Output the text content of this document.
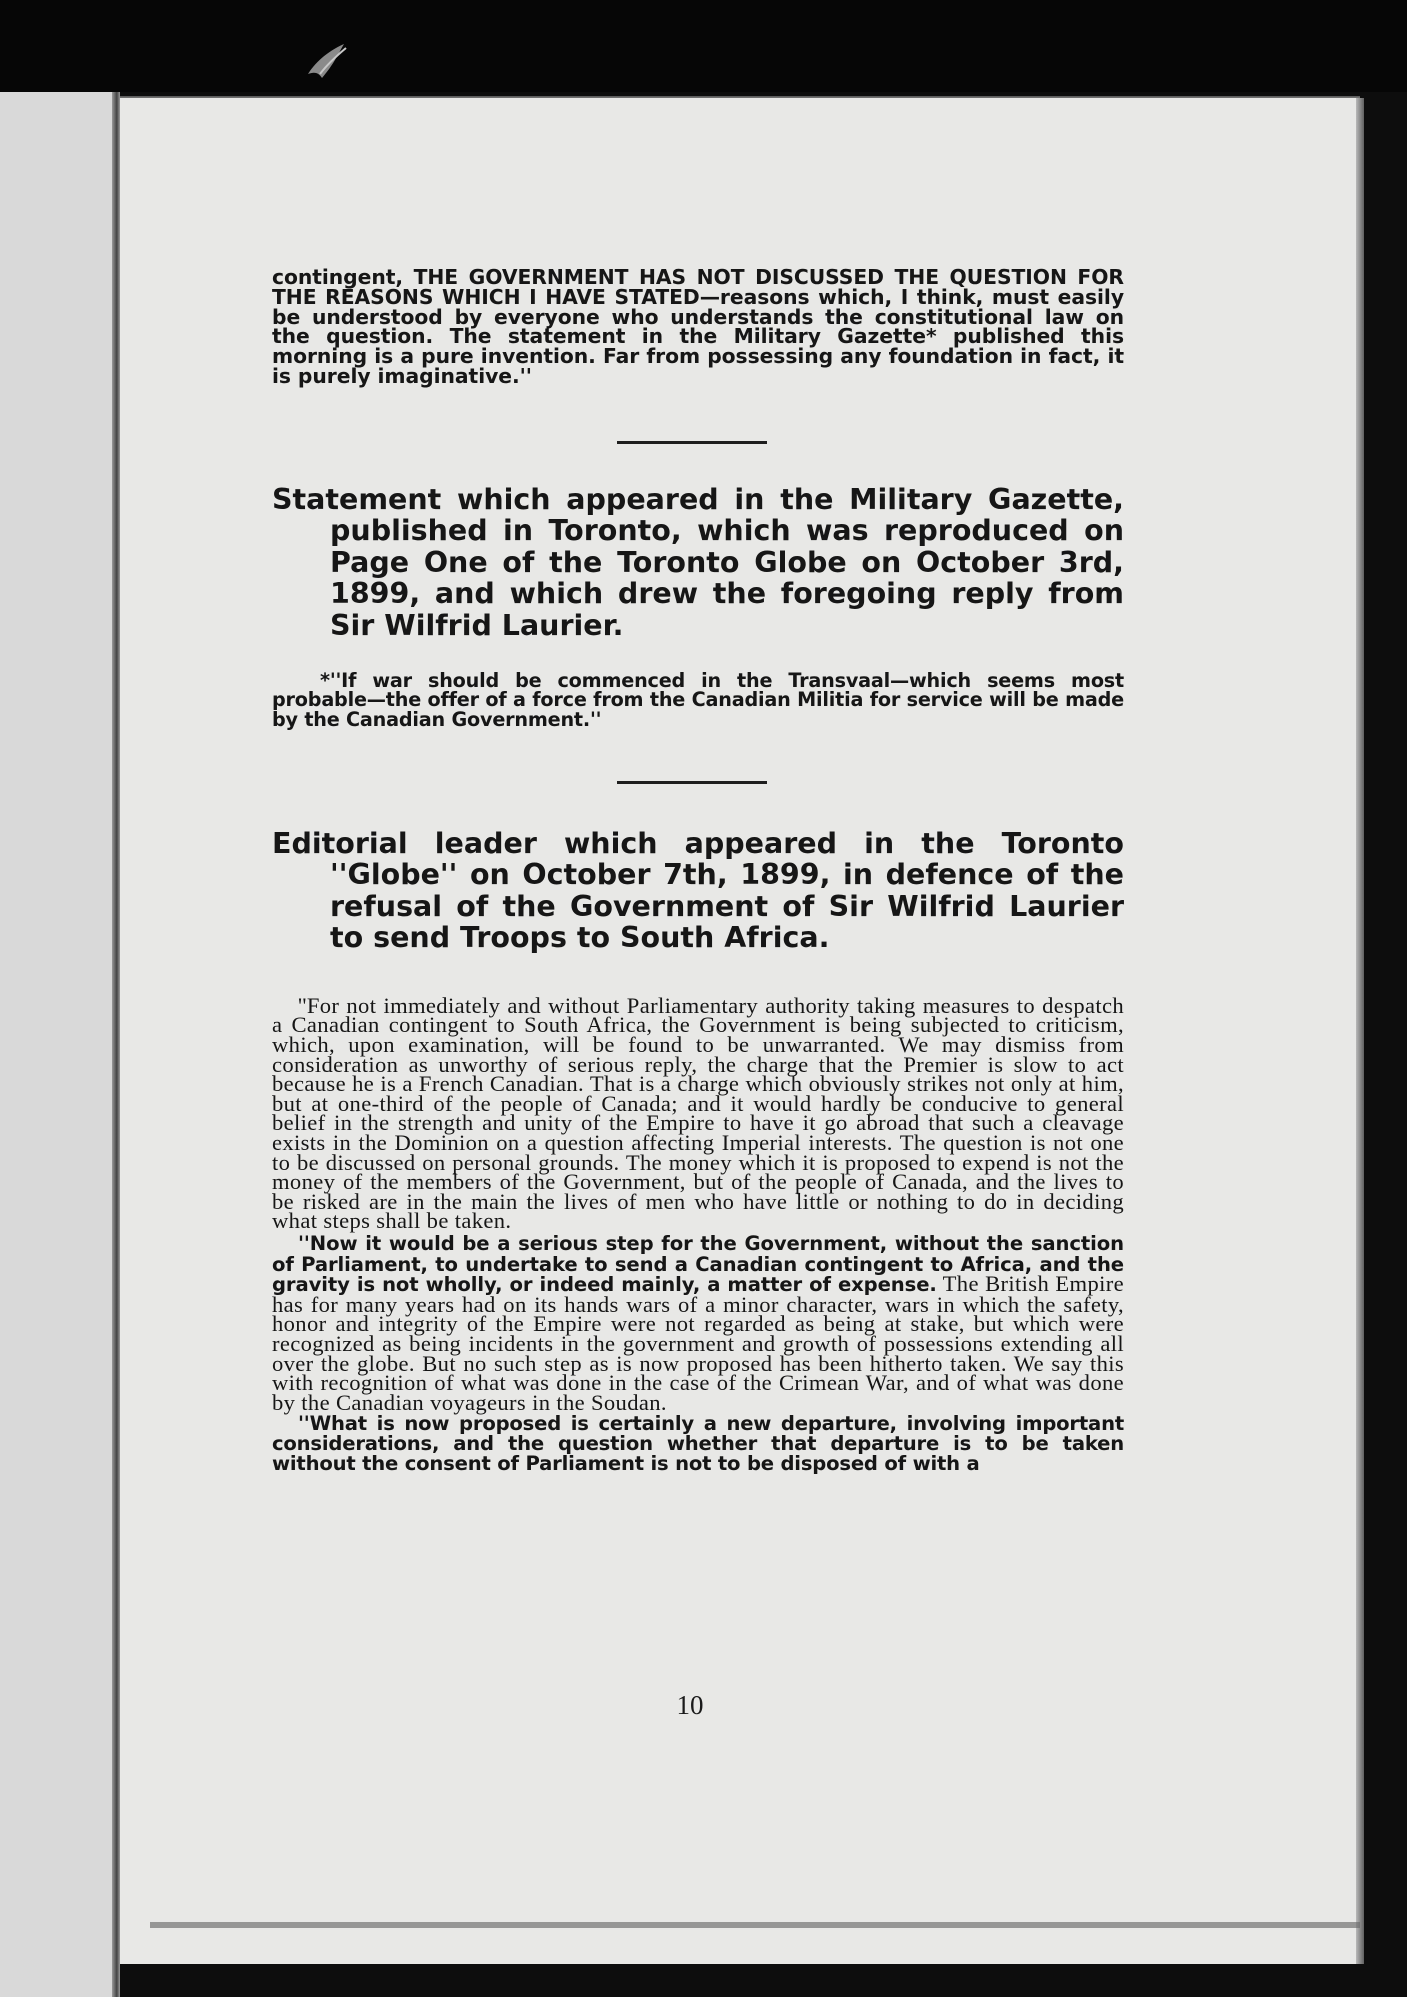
contingent, THE GOVERNMENT HAS NOT DISCUSSED THE QUESTION FOR THE REASONS WHICH I HAVE STATED—reasons which, I think, must easily be understood by everyone who understands the constitutional law on the question. The statement in the Military Gazette* published this morning is a pure invention. Far from possessing any foundation in fact, it is purely imaginative.''

Statement which appeared in the Military Gazette, published in Toronto, which was reproduced on Page One of the Toronto Globe on October 3rd, 1899, and which drew the foregoing reply from Sir Wilfrid Laurier.

*''If war should be commenced in the Transvaal—which seems most probable—the offer of a force from the Canadian Militia for service will be made by the Canadian Government.''

Editorial leader which appeared in the Toronto ''Globe'' on October 7th, 1899, in defence of the refusal of the Government of Sir Wilfrid Laurier to send Troops to South Africa.

''For not immediately and without Parliamentary authority taking measures to despatch a Canadian contingent to South Africa, the Government is being subjected to criticism, which, upon examination, will be found to be unwarranted. We may dismiss from consideration as unworthy of serious reply, the charge that the Premier is slow to act because he is a French Canadian. That is a charge which obviously strikes not only at him, but at one-third of the people of Canada; and it would hardly be conducive to general belief in the strength and unity of the Empire to have it go abroad that such a cleavage exists in the Dominion on a question affecting Imperial interests. The question is not one to be discussed on personal grounds. The money which it is proposed to expend is not the money of the members of the Government, but of the people of Canada, and the lives to be risked are in the main the lives of men who have little or nothing to do in deciding what steps shall be taken.

''Now it would be a serious step for the Government, without the sanction of Parliament, to undertake to send a Canadian contingent to Africa, and the gravity is not wholly, or indeed mainly, a matter of expense. The British Empire has for many years had on its hands wars of a minor character, wars in which the safety, honor and integrity of the Empire were not regarded as being at stake, but which were recognized as being incidents in the government and growth of possessions extending all over the globe. But no such step as is now proposed has been hitherto taken. We say this with recognition of what was done in the case of the Crimean War, and of what was done by the Canadian voyageurs in the Soudan.

''What is now proposed is certainly a new departure, involving important considerations, and the question whether that departure is to be taken without the consent of Parliament is not to be disposed of with a

10
